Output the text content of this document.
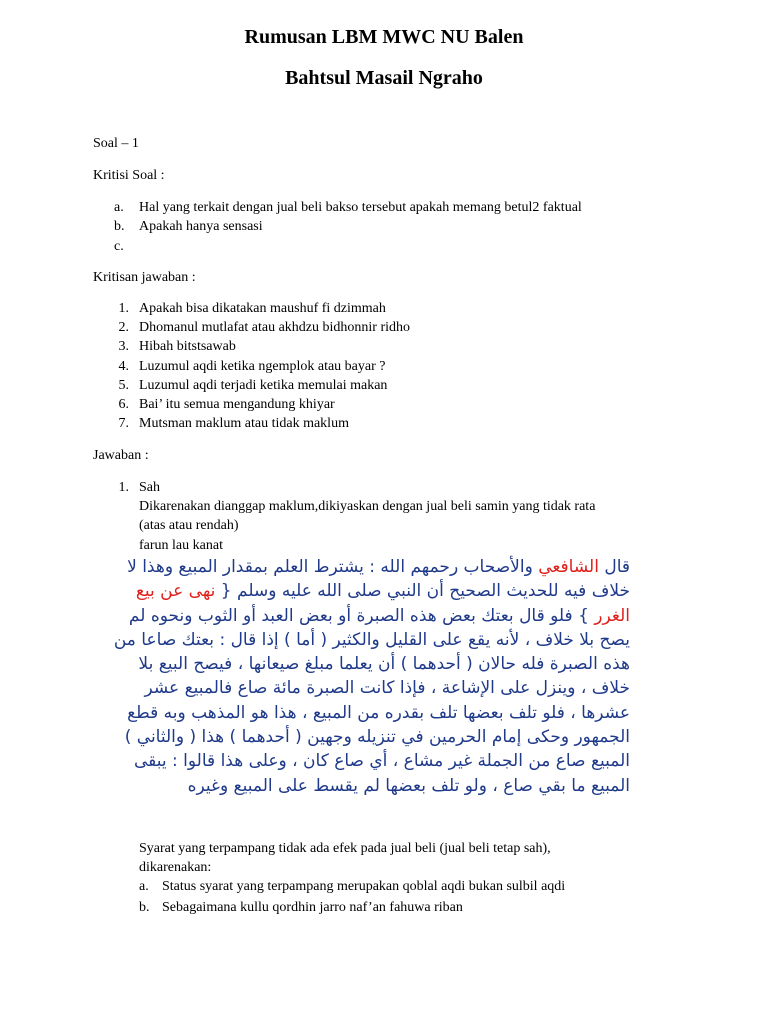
Rumusan LBM MWC NU Balen
Bahtsul Masail Ngraho

Soal – 1

Kritisi Soal :

a.	Hal yang terkait dengan jual beli bakso tersebut apakah memang betul2 faktual
b. Apakah hanya sensasi
c.

Kritisan jawaban :

1. Apakah bisa dikatakan maushuf fi dzimmah
2. Dhomanul mutlafat atau akhdzu bidhonnir ridho
3. Hibah bitstsawab
4. Luzumul aqdi ketika ngemplok atau bayar ?
5. Luzumul aqdi terjadi ketika memulai makan
6. Bai’ itu semua mengandung khiyar
7. Mutsman maklum atau tidak maklum

Jawaban :

1. Sah
Dikarenakan dianggap maklum,dikiyaskan dengan jual beli samin yang tidak rata
(atas atau rendah)
farun lau kanat

قال الشافعي والأصحاب رحمهم الله : يشترط العلم بمقدار المبيع وهذا لا خلاف فيه للحديث الصحيح أن النبي صلى الله عليه وسلم { نهى عن بيع الغرر } فلو قال بعتك بعض هذه الصبرة أو بعض العبد أو الثوب ونحوه لم يصح بلا خلاف ، لأنه يقع على القليل والكثير ( أما ) إذا قال : بعتك صاعا من هذه الصبرة فله حالان ( أحدهما ) أن يعلما مبلغ صيعانها ، فيصح البيع بلا خلاف ، وينزل على الإشاعة ، فإذا كانت الصبرة مائة صاع فالمبيع عشر عشرها ، فلو تلف بعضها تلف بقدره من المبيع ، هذا هو المذهب وبه قطع الجمهور وحكى إمام الحرمين في تنزيله وجهين ( أحدهما ) هذا ( والثاني ) المبيع صاع من الجملة غير مشاع ، أي صاع كان ، وعلى هذا قالوا : يبقى المبيع ما بقي صاع ، ولو تلف بعضها لم يقسط على المبيع وغيره

Syarat yang terpampang tidak ada efek pada jual beli (jual beli tetap sah),
dikarenakan:
a. Status syarat yang terpampang merupakan qoblal aqdi bukan sulbil aqdi
b. Sebagaimana kullu qordhin jarro naf’an fahuwa riban
